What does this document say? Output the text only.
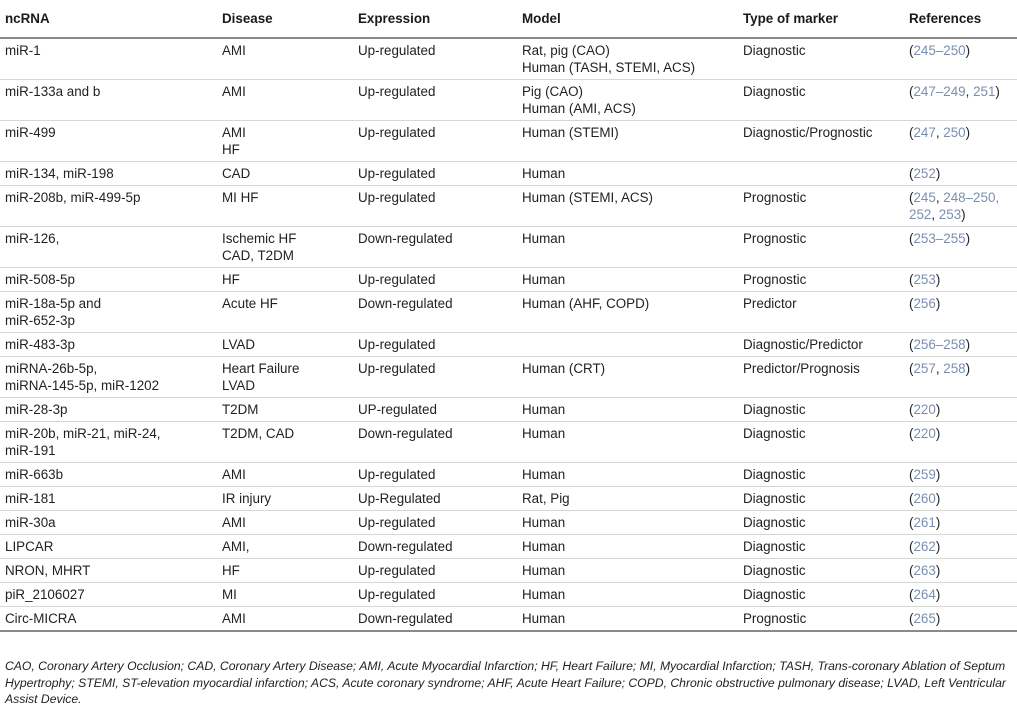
ncRNA	Disease	Expression	Model	Type of marker	References

miR-1	AMI	Up-regulated	Rat, pig (CAO)
Human (TASH, STEMI, ACS)	Diagnostic	(245–250)

miR-133a and b	AMI	Up-regulated	Pig (CAO)
Human (AMI, ACS)	Diagnostic	(247–249, 251)

miR-499	AMI
HF	Up-regulated	Human (STEMI)	Diagnostic/Prognostic	(247, 250)

miR-134, miR-198	CAD	Up-regulated	Human		(252)

miR-208b, miR-499-5p	MI HF	Up-regulated	Human (STEMI, ACS)	Prognostic	(245, 248–250,
252, 253)

miR-126,	Ischemic HF
CAD, T2DM	Down-regulated	Human	Prognostic	(253–255)

miR-508-5p	HF	Up-regulated	Human	Prognostic	(253)

miR-18a-5p and
miR-652-3p	Acute HF	Down-regulated	Human (AHF, COPD)	Predictor	(256)

miR-483-3p	LVAD	Up-regulated		Diagnostic/Predictor	(256–258)

miRNA-26b-5p,
miRNA-145-5p, miR-1202	Heart Failure
LVAD	Up-regulated	Human (CRT)	Predictor/Prognosis	(257, 258)

miR-28-3p	T2DM	UP-regulated	Human	Diagnostic	(220)

miR-20b, miR-21, miR-24,
miR-191	T2DM, CAD	Down-regulated	Human	Diagnostic	(220)

miR-663b	AMI	Up-regulated	Human	Diagnostic	(259)

miR-181	IR injury	Up-Regulated	Rat, Pig	Diagnostic	(260)

miR-30a	AMI	Up-regulated	Human	Diagnostic	(261)

LIPCAR	AMI,	Down-regulated	Human	Diagnostic	(262)

NRON, MHRT	HF	Up-regulated	Human	Diagnostic	(263)

piR_2106027	MI	Up-regulated	Human	Diagnostic	(264)

Circ-MICRA	AMI	Down-regulated	Human	Prognostic	(265)
CAO, Coronary Artery Occlusion; CAD, Coronary Artery Disease; AMI, Acute Myocardial Infarction; HF, Heart Failure; MI, Myocardial Infarction; TASH, Trans-coronary Ablation of Septum Hypertrophy; STEMI, ST-elevation myocardial infarction; ACS, Acute coronary syndrome; AHF, Acute Heart Failure; COPD, Chronic obstructive pulmonary disease; LVAD, Left Ventricular Assist Device.
